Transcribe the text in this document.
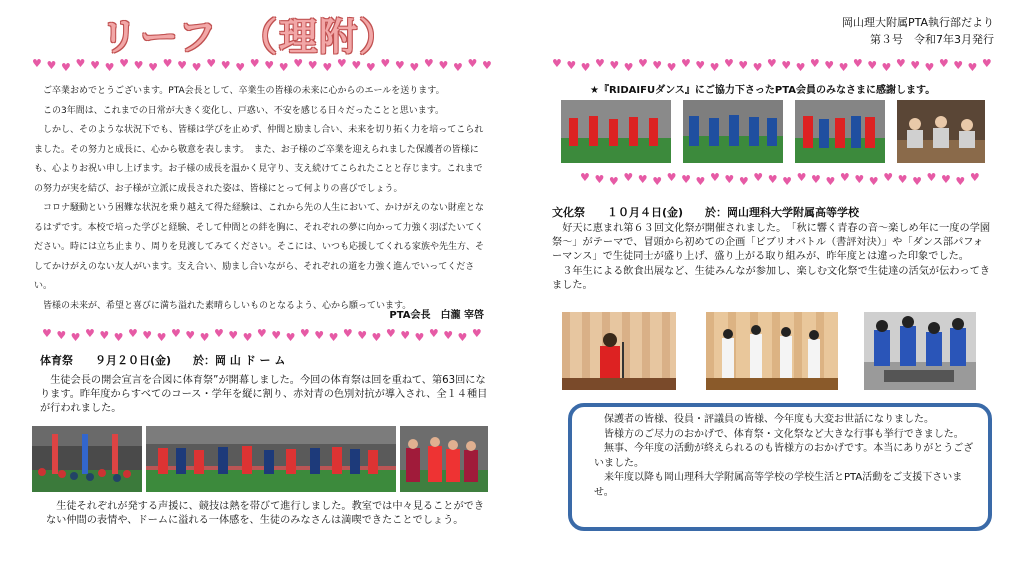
リーフ　（理附）	岡山理大附属PTA執行部だより
第３号　令和7年3月発行
♥ ♥ ♥ ♥ ♥ ♥ ♥ ♥ ♥ ♥ ♥ ♥ ♥ ♥ ♥ ♥ ♥ ♥ ♥ ♥ ♥ ♥ ♥ ♥ ♥ ♥ ♥ ♥ ♥ ♥ ♥ ♥	♥ ♥ ♥ ♥ ♥ ♥ ♥ ♥ ♥ ♥ ♥ ♥ ♥ ♥ ♥ ♥ ♥ ♥ ♥ ♥ ♥ ♥ ♥ ♥ ♥ ♥ ♥ ♥ ♥ ♥ ♥
♥ ♥ ♥ ♥ ♥ ♥ ♥ ♥ ♥ ♥ ♥ ♥ ♥ ♥ ♥ ♥ ♥ ♥ ♥ ♥ ♥ ♥ ♥ ♥ ♥ ♥ ♥ ♥ ♥ ♥ ♥
♥ ♥ ♥ ♥ ♥ ♥ ♥ ♥ ♥ ♥ ♥ ♥ ♥ ♥ ♥ ♥ ♥ ♥ ♥ ♥ ♥ ♥ ♥ ♥ ♥ ♥ ♥ ♥

ご卒業おめでとうございます。PTA会長として、卒業生の皆様の未来に心からのエールを送ります。

この3年間は、これまでの日常が大きく変化し、戸惑い、不安を感じる日々だったことと思います。

しかし、そのような状況下でも、皆様は学びを止めず、仲間と励まし合い、未来を切り拓く力を培ってこられました。その努力と成長に、心から敬意を表します。　また、お子様のご卒業を迎えられました保護者の皆様にも、心よりお祝い申し上げます。お子様の成長を温かく見守り、支え続けてこられたことと存じます。これまでの努力が実を結び、お子様が立派に成長された姿は、皆様にとって何よりの喜びでしょう。

コロナ騒動という困難な状況を乗り越えて得た経験は、これから先の人生において、かけがえのない財産となるはずです。本校で培った学びと経験、そして仲間との絆を胸に、それぞれの夢に向かって力強く羽ばたいてください。時には立ち止まり、周りを見渡してみてください。そこには、いつも応援してくれる家族や先生方、そしてかけがえのない友人がいます。支え合い、励まし合いながら、それぞれの道を力強く進んでいってください。

皆様の未来が、希望と喜びに満ち溢れた素晴らしいものとなるよう、心から願っています。

PTA会長　白瀧 宰啓
体育祭　　９月２０日(金)　　於：岡 山 ド ー ム

生徒会長の開会宣言を合図に体育祭”が開幕しました。今回の体育祭は回を重ねて、第63回になります。昨年度からすべてのコース・学年を縦に割り、赤対青の色別対抗が導入され、全１４種目が行われました。

生徒それぞれが発する声援に、競技は熱を帯びて進行しました。教室では中々見ることができない仲間の表情や、ドームに溢れる一体感を、生徒のみなさんは満喫できたことでしょう。

★『RIDAIFUダンス』にご協力下さったPTA会員のみなさまに感謝します。
文化祭　　１０月４日(金)　　於：岡山理科大学附属高等学校

好天に恵まれ第６３回文化祭が開催されました。　「秋に響く青春の音～楽しめ年に一度の学園祭～」がテーマで、冒頭から初めての企画「ビブリオバトル（書評対決）」や「ダンス部パフォーマンス」で生徒同士が盛り上げ、盛り上がる取り組みが、昨年度とは違った印象でした。

３年生による飲食出展など、生徒みんなが参加し、楽しむ文化祭で生徒達の活気が伝わってきました。

保護者の皆様、役員・評議員の皆様、今年度も大変お世話になりました。

皆様方のご尽力のおかげで、体育祭・文化祭など大きな行事も挙行できました。

無事、今年度の活動が終えられるのも皆様方のおかげです。本当にありがとうございました。

来年度以降も岡山理科大学附属高等学校の学校生活とPTA活動をご支援下さいませ。
